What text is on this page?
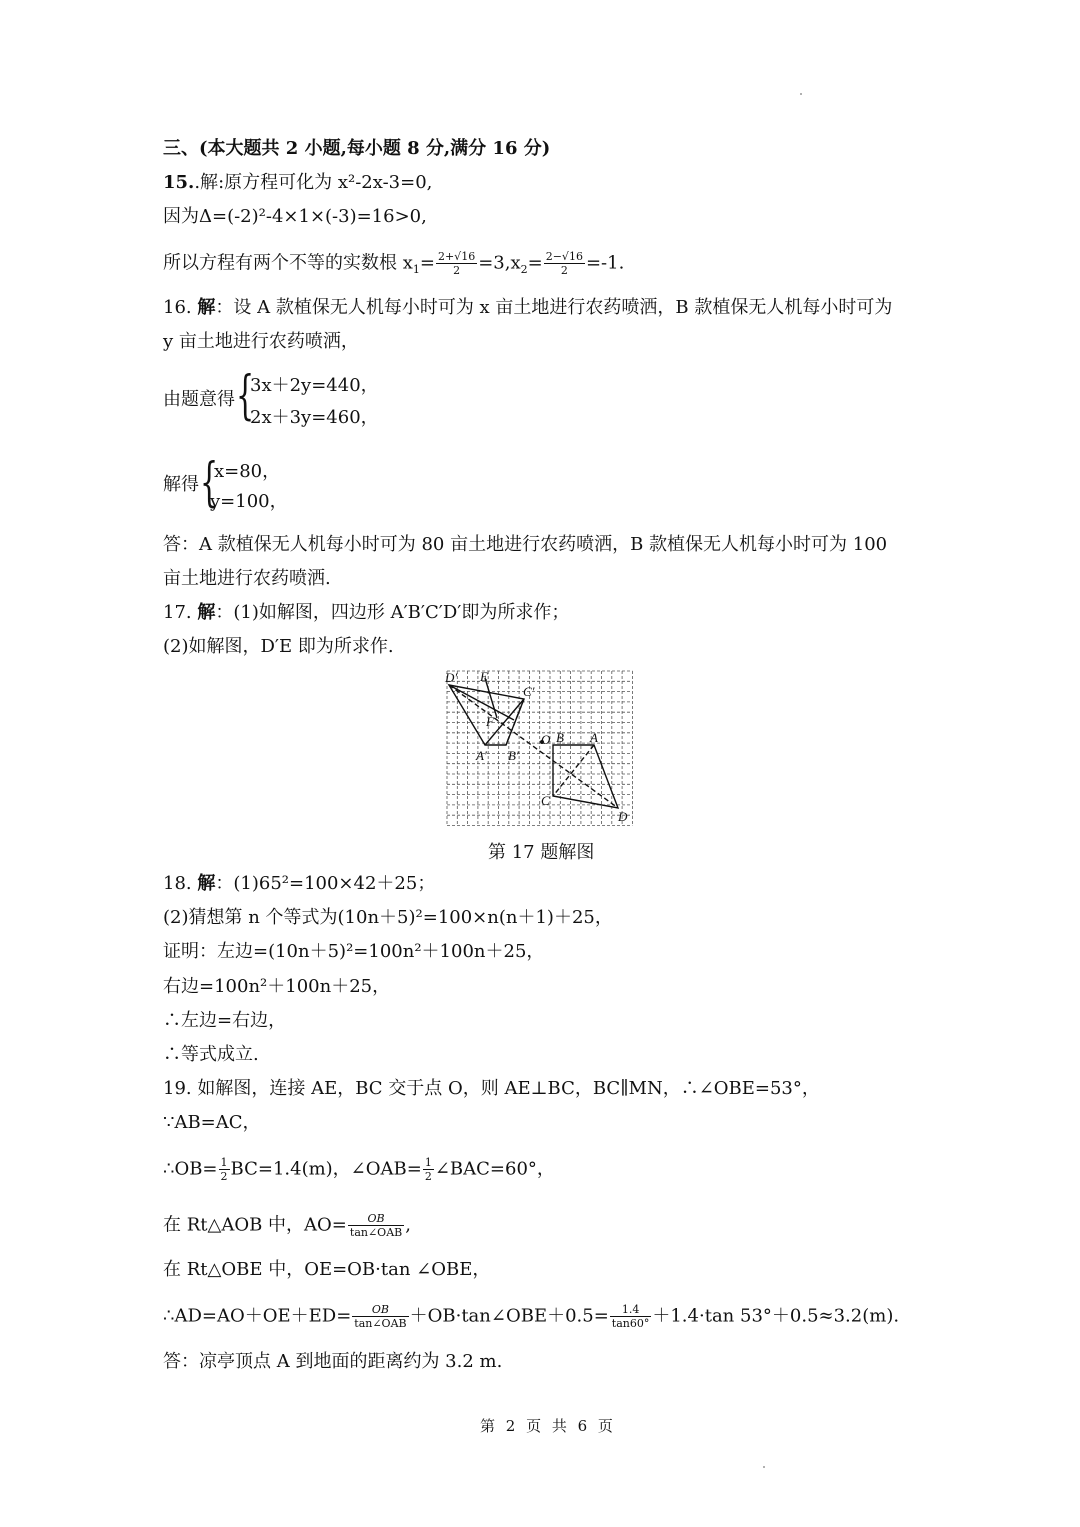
三、(本大题共 2 小题,每小题 8 分,满分 16 分)
15..解:原方程可化为 x²-2x-3=0,
因为Δ=(-2)²-4×1×(-3)=16>0,
所以方程有两个不等的实数根 $x_1= \frac{2+√16}{2} =3,x_2= \frac{2-√16}{2} =-1$.
16. 解：设 A 款植保无人机每小时可为 x 亩土地进行农药喷洒，B 款植保无人机每小时可为
y 亩土地进行农药喷洒，
由题意得 {
3x＋2y=440，
2x＋3y=460，
解得 {
x=80，
y=100，
答：A 款植保无人机每小时可为 80 亩土地进行农药喷洒，B 款植保无人机每小时可为 100
亩土地进行农药喷洒.
17. 解：(1)如解图，四边形 A′B′C′D′即为所求作；
(2)如解图，D′E 即为所求作.
D′ E
C′
F
A′ B′
O B A
C
D
第 17 题解图
18. 解：(1)65²=100×42＋25；
(2)猜想第 n 个等式为(10n＋5)²=100×n(n＋1)＋25，
证明：左边=(10n＋5)²=100n²＋100n＋25，
右边=100n²＋100n＋25，
∴左边=右边，
∴等式成立.
19. 如解图，连接 AE，BC 交于点 O，则 AE⊥BC，BC∥MN，∴∠OBE=53°，
∵AB=AC，
∴OB= $\frac{1}{2} BC=1.4(m)$，∠OAB= $\frac{1}{2}$ ∠BAC=60°，
在 Rt△AOB 中，$AO= \frac{OB}{\text{tan∠OAB}}$ ,
在 Rt△OBE 中，OE=OB·tan ∠OBE，
∴AD=AO＋OE＋ED= $\frac{OB}{\text{tan∠OAB}}$ ＋OB·tan∠OBE＋0.5= $\frac{1.4}{\tan 60^\circ} +1.4\cdot\tan$ 53°＋0.5≈3.2(m).
答：凉亭顶点 A 到地面的距离约为 3.2 m.
第 2 页 共 6 页
